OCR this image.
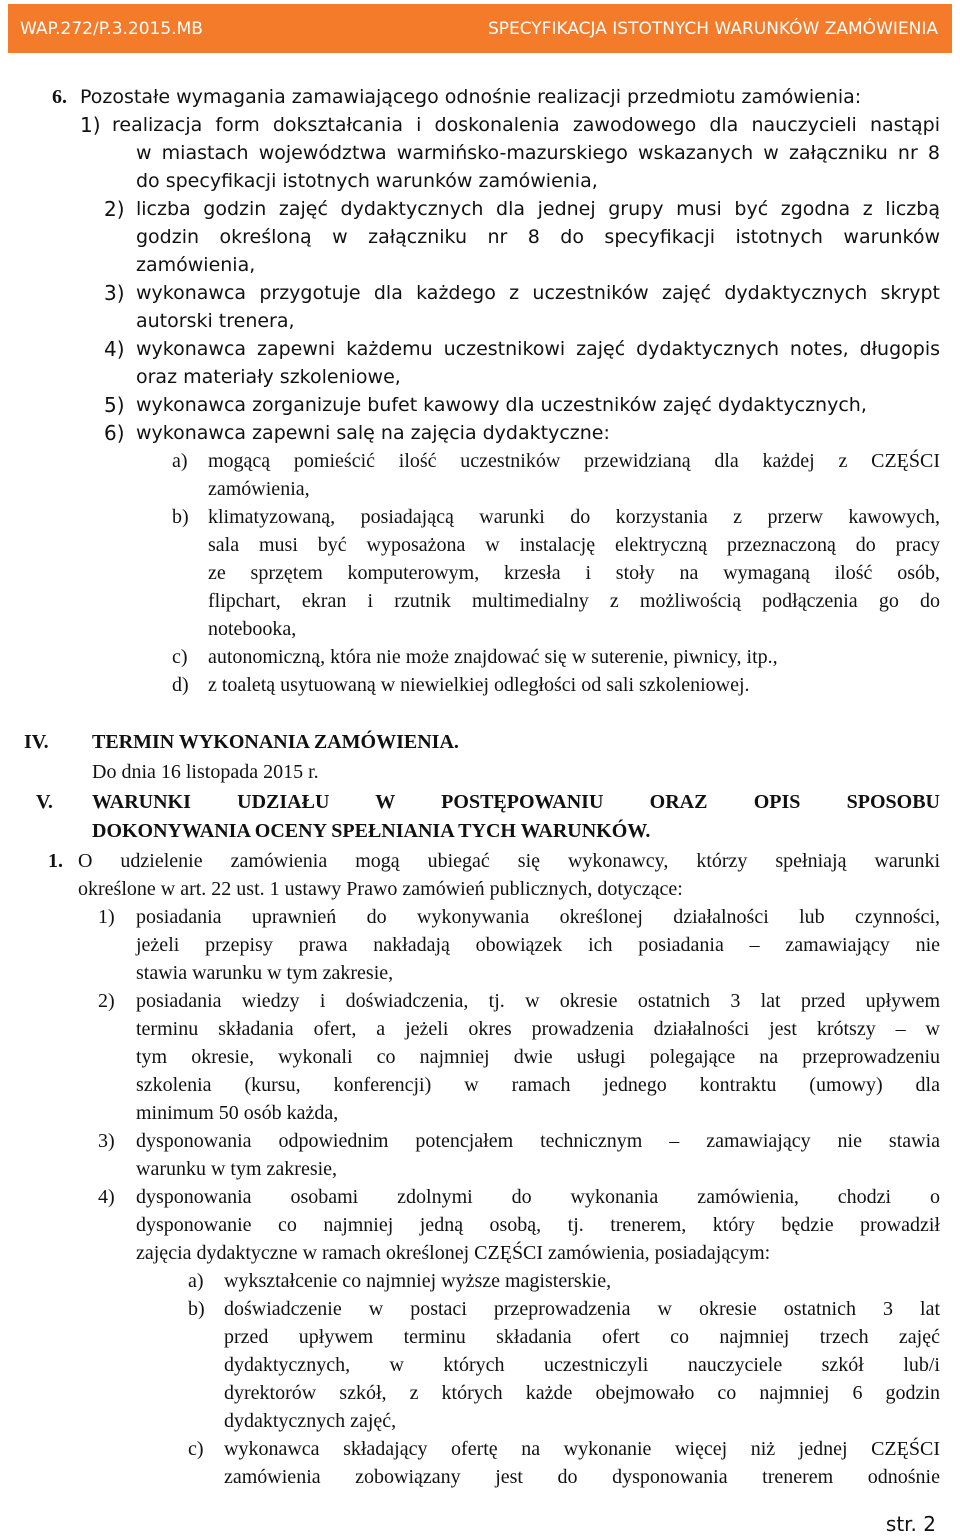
WAP.272/P.3.2015.MB	SPECYFIKACJA ISTOTNYCH WARUNKÓW ZAMÓWIENIA
6. Pozostałe wymagania zamawiającego odnośnie realizacji przedmiotu zamówienia:
1) realizacja form dokształcania i doskonalenia zawodowego dla nauczycieli nastąpi
w miastach województwa warmińsko-mazurskiego wskazanych w załączniku nr 8
do specyfikacji istotnych warunków zamówienia,
2) liczba godzin zajęć dydaktycznych dla jednej grupy musi być zgodna z liczbą
godzin określoną w załączniku nr 8 do specyfikacji istotnych warunków
zamówienia,
3) wykonawca przygotuje dla każdego z uczestników zajęć dydaktycznych skrypt
autorski trenera,
4) wykonawca zapewni każdemu uczestnikowi zajęć dydaktycznych notes, długopis
oraz materiały szkoleniowe,
5) wykonawca zorganizuje bufet kawowy dla uczestników zajęć dydaktycznych,
6) wykonawca zapewni salę na zajęcia dydaktyczne:
a) mogącą pomieścić ilość uczestników przewidzianą dla każdej z CZĘŚCI
zamówienia,
b) klimatyzowaną, posiadającą warunki do korzystania z przerw kawowych,
sala musi być wyposażona w instalację elektryczną przeznaczoną do pracy
ze sprzętem komputerowym, krzesła i stoły na wymaganą ilość osób,
flipchart, ekran i rzutnik multimedialny z możliwością podłączenia go do
notebooka,
c) autonomiczną, która nie może znajdować się w suterenie, piwnicy, itp.,
d) z toaletą usytuowaną w niewielkiej odległości od sali szkoleniowej.
IV. TERMIN WYKONANIA ZAMÓWIENIA.
Do dnia 16 listopada 2015 r.
V. WARUNKI UDZIAŁU W POSTĘPOWANIU ORAZ OPIS SPOSOBU
DOKONYWANIA OCENY SPEŁNIANIA TYCH WARUNKÓW.
1. O udzielenie zamówienia mogą ubiegać się wykonawcy, którzy spełniają warunki
określone w art. 22 ust. 1 ustawy Prawo zamówień publicznych, dotyczące:
1) posiadania uprawnień do wykonywania określonej działalności lub czynności,
jeżeli przepisy prawa nakładają obowiązek ich posiadania – zamawiający nie
stawia warunku w tym zakresie,
2) posiadania wiedzy i doświadczenia, tj. w okresie ostatnich 3 lat przed upływem
terminu składania ofert, a jeżeli okres prowadzenia działalności jest krótszy – w
tym okresie, wykonali co najmniej dwie usługi polegające na przeprowadzeniu
szkolenia (kursu, konferencji) w ramach jednego kontraktu (umowy) dla
minimum 50 osób każda,
3) dysponowania odpowiednim potencjałem technicznym – zamawiający nie stawia
warunku w tym zakresie,
4) dysponowania osobami zdolnymi do wykonania zamówienia, chodzi o
dysponowanie co najmniej jedną osobą, tj. trenerem, który będzie prowadził
zajęcia dydaktyczne w ramach określonej CZĘŚCI zamówienia, posiadającym:
a) wykształcenie co najmniej wyższe magisterskie,
b) doświadczenie w postaci przeprowadzenia w okresie ostatnich 3 lat
przed upływem terminu składania ofert co najmniej trzech zajęć
dydaktycznych, w których uczestniczyli nauczyciele szkół lub/i
dyrektorów szkół, z których każde obejmowało co najmniej 6 godzin
dydaktycznych zajęć,
c) wykonawca składający ofertę na wykonanie więcej niż jednej CZĘŚCI
zamówienia zobowiązany jest do dysponowania trenerem odnośnie
str. 2
